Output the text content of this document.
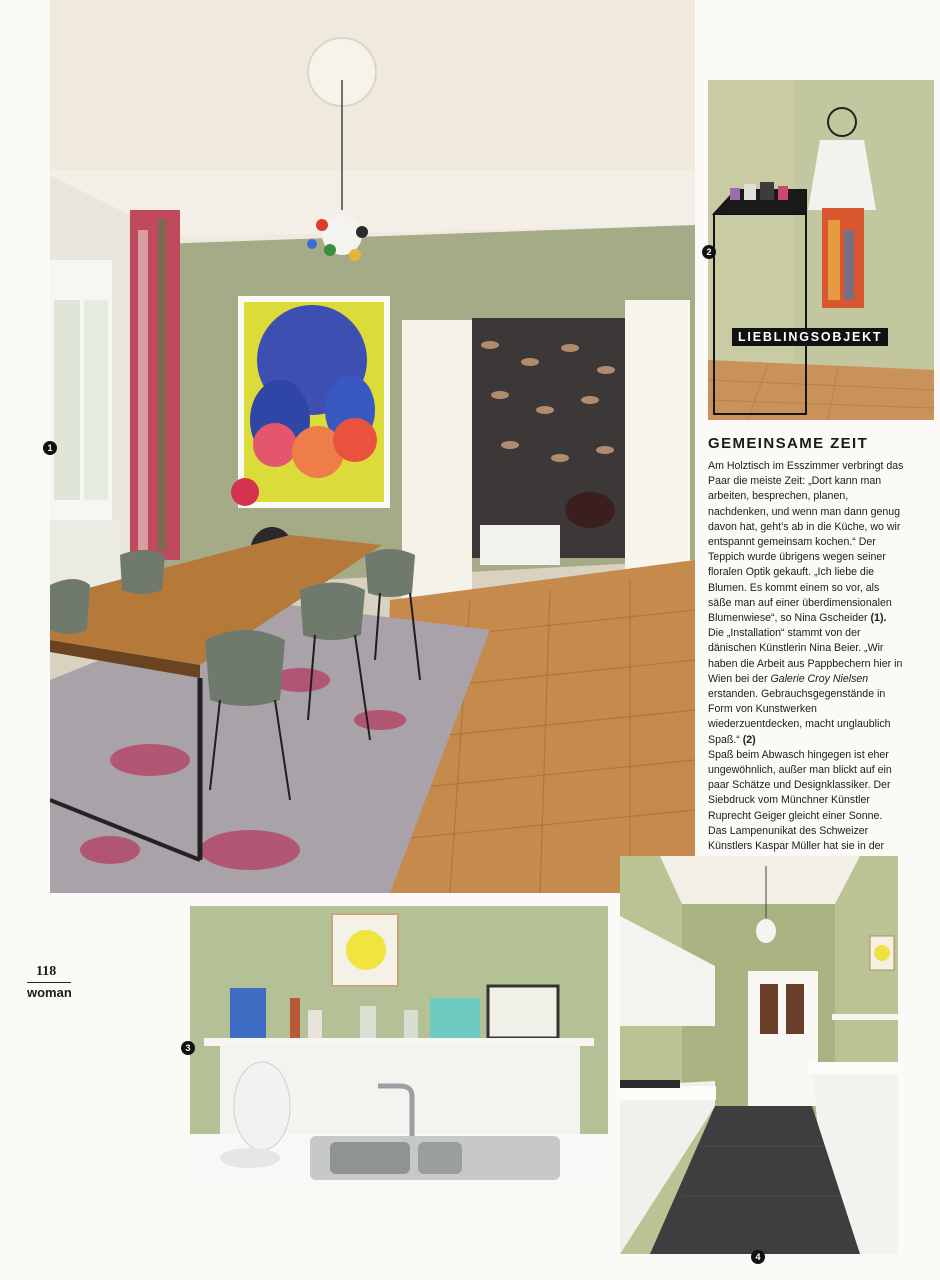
1
2
LIEBLINGSOBJEKT
GEMEINSAME ZEIT

Am Holztisch im Esszimmer verbringt das Paar die meiste Zeit: „Dort kann man arbeiten, besprechen, planen, nachdenken, und wenn man dann genug davon hat, geht’s ab in die Küche, wo wir entspannt gemeinsam kochen.“ Der Teppich wurde übrigens wegen seiner floralen Optik gekauft. „Ich liebe die Blumen. Es kommt einem so vor, als säße man auf einer überdimensionalen Blumenwiese“, so Nina Gscheider (1).

Die „Installation“ stammt von der dänischen Künstlerin Nina Beier. „Wir haben die Arbeit aus Pappbechern hier in Wien bei der Galerie Croy Nielsen erstanden. Gebrauchsgegenstände in Form von Kunstwerken wiederzuentdecken, macht unglaublich Spaß.“ (2)

Spaß beim Abwasch hingegen ist eher ungewöhnlich, außer man blickt auf ein paar Schätze und Designklassiker. Der Siebdruck vom Münchner Künstler Ruprecht Geiger gleicht einer Sonne. Das Lampenunikat des Schweizer Künstlers Kaspar Müller hat sie in der

3
4
118
woman
